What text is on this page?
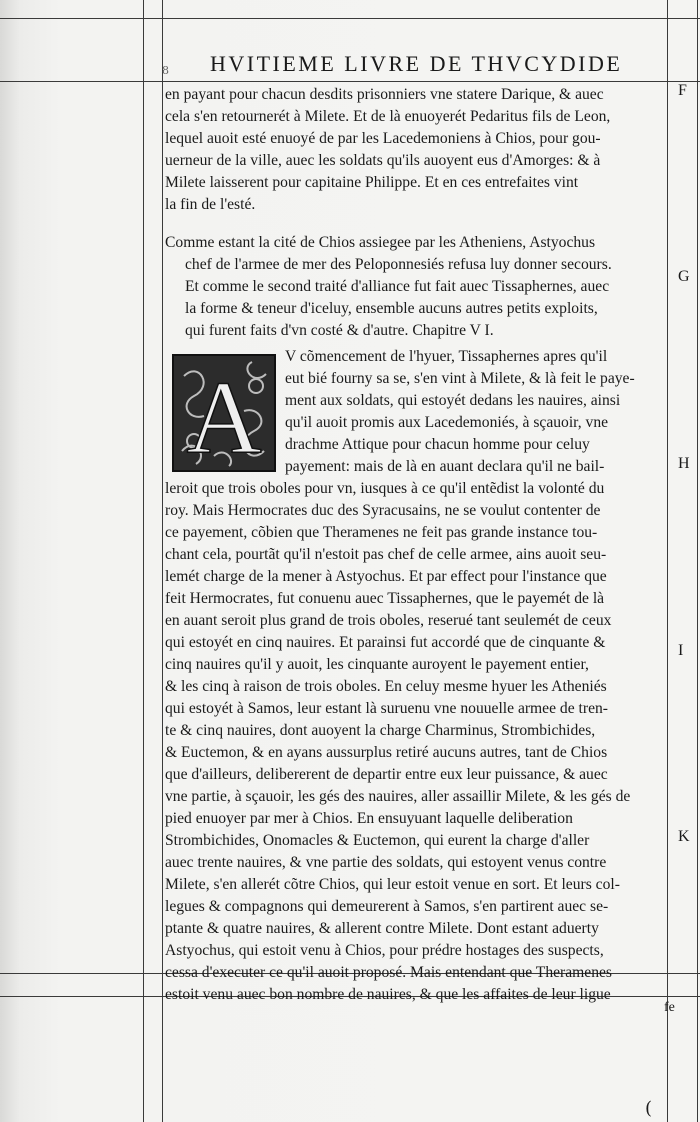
8 HVITIEME LIVRE DE THVCYDIDE
en payant pour chacun desdits prisonniers vne statere Darique, & auec
cela s'en retournerét à Milete. Et de là enuoyerét Pedaritus fils de Leon,
lequel auoit esté enuoyé de par les Lacedemoniens à Chios, pour gou-
uerneur de la ville, auec les soldats qu'ils auoyent eus d'Amorges: & à
Milete laisserent pour capitaine Philippe. Et en ces entrefaites vint
la fin de l'esté.
Comme estant la cité de Chios assiegee par les Atheniens, Astyochus
chef de l'armee de mer des Peloponnesiés refusa luy donner secours.
Et comme le second traité d'alliance fut fait auec Tissaphernes, auec
la forme & teneur d'iceluy, ensemble aucuns autres petits exploits,
qui furent faits d'vn costé & d'autre. Chapitre V I.
A
V cõmencement de l'hyuer, Tissaphernes apres qu'il
eut bié fourny sa se, s'en vint à Milete, & là feit le paye-
ment aux soldats, qui estoyét dedans les nauires, ainsi
qu'il auoit promis aux Lacedemoniés, à sçauoir, vne
drachme Attique pour chacun homme pour celuy
payement: mais de là en auant declara qu'il ne bail-
leroit que trois oboles pour vn, iusques à ce qu'il entẽdist la volonté du
roy. Mais Hermocrates duc des Syracusains, ne se voulut contenter de
ce payement, cõbien que Theramenes ne feit pas grande instance tou-
chant cela, pourtãt qu'il n'estoit pas chef de celle armee, ains auoit seu-
lemét charge de la mener à Astyochus. Et par effect pour l'instance que
feit Hermocrates, fut conuenu auec Tissaphernes, que le payemét de là
en auant seroit plus grand de trois oboles, reserué tant seulemét de ceux
qui estoyét en cinq nauires. Et parainsi fut accordé que de cinquante &
cinq nauires qu'il y auoit, les cinquante auroyent le payement entier,
& les cinq à raison de trois oboles. En celuy mesme hyuer les Atheniés
qui estoyét à Samos, leur estant là suruenu vne nouuelle armee de tren-
te & cinq nauires, dont auoyent la charge Charminus, Strombichides,
& Euctemon, & en ayans aussurplus retiré aucuns autres, tant de Chios
que d'ailleurs, delibererent de departir entre eux leur puissance, & auec
vne partie, à sçauoir, les gés des nauires, aller assaillir Milete, & les gés de
pied enuoyer par mer à Chios. En ensuyuant laquelle deliberation
Strombichides, Onomacles & Euctemon, qui eurent la charge d'aller
auec trente nauires, & vne partie des soldats, qui estoyent venus contre
Milete, s'en allerét cõtre Chios, qui leur estoit venue en sort. Et leurs col-
legues & compagnons qui demeurerent à Samos, s'en partirent auec se-
ptante & quatre nauires, & allerent contre Milete. Dont estant aduerty
Astyochus, qui estoit venu à Chios, pour prédre hostages des suspects,
cessa d'executer ce qu'il auoit proposé. Mais entendant que Theramenes
estoit venu auec bon nombre de nauires, & que les affaites de leur ligue
F
G
H
I
K
fe
(
